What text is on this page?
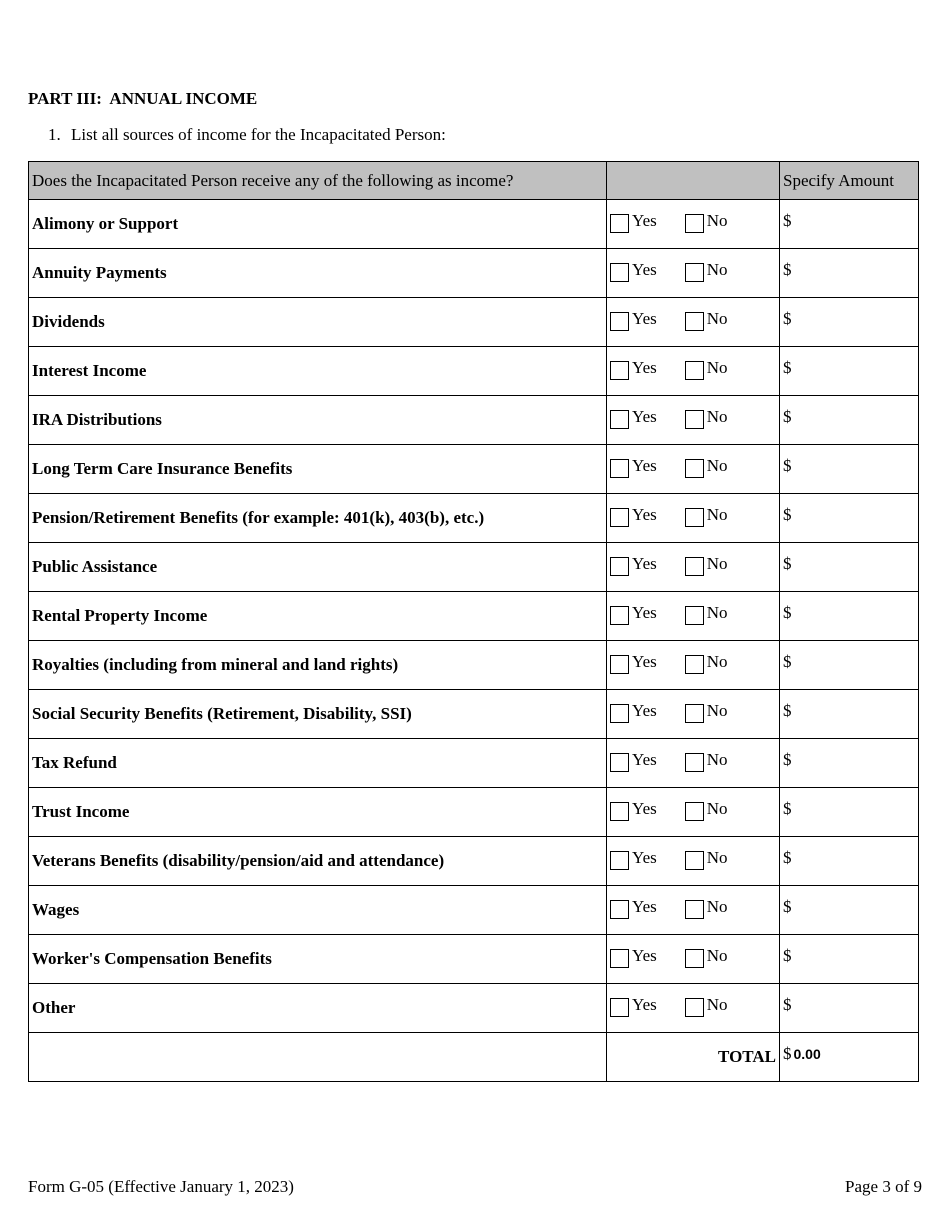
PART III:  ANNUAL INCOME
1. List all sources of income for the Incapacitated Person:
Does the Incapacitated Person receive any of the following as income?		Specify Amount
Alimony or Support	Yes No	$
Annuity Payments	Yes No	$
Dividends	Yes No	$
Interest Income	Yes No	$
IRA Distributions	Yes No	$
Long Term Care Insurance Benefits	Yes No	$
Pension/Retirement Benefits (for example: 401(k), 403(b), etc.)	Yes No	$
Public Assistance	Yes No	$
Rental Property Income	Yes No	$
Royalties (including from mineral and land rights)	Yes No	$
Social Security Benefits (Retirement, Disability, SSI)	Yes No	$
Tax Refund	Yes No	$
Trust Income	Yes No	$
Veterans Benefits (disability/pension/aid and attendance)	Yes No	$
Wages	Yes No	$
Worker's Compensation Benefits	Yes No	$
Other	Yes No	$
	TOTAL	$ 0.00
Form G-05 (Effective January 1, 2023)	Page 3 of 9
